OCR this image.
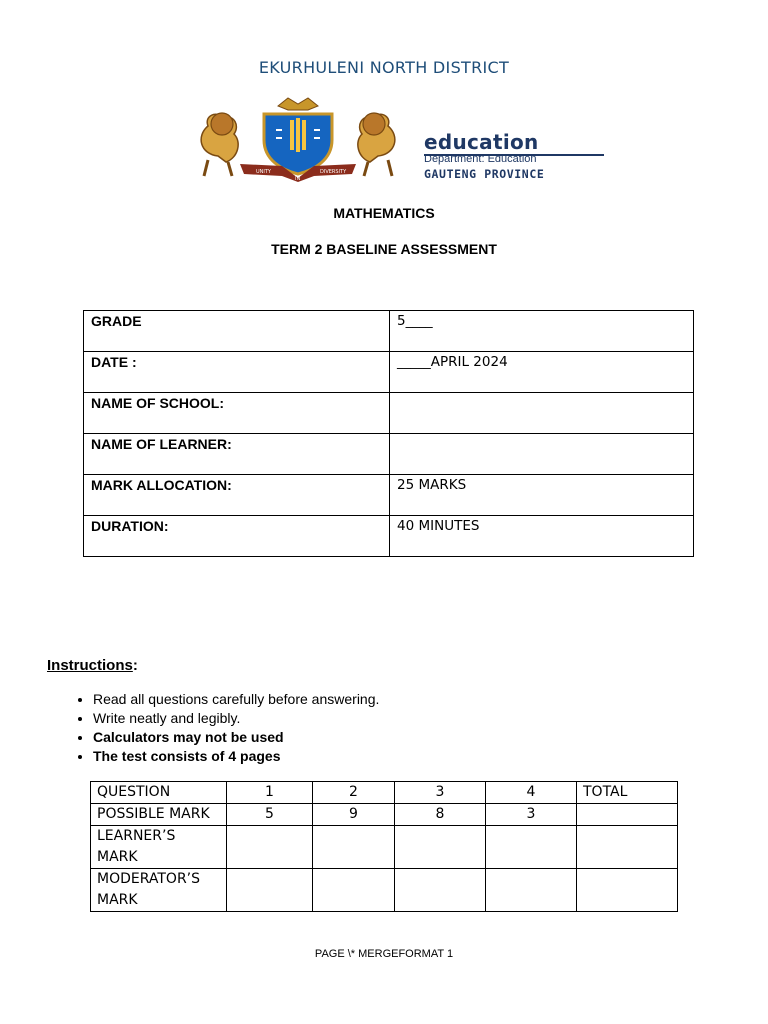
EKURHULENI NORTH DISTRICT
UNITY
IN
DIVERSITY
education
Department: Education
GAUTENG PROVINCE
MATHEMATICS
TERM 2 BASELINE ASSESSMENT
GRADE	5____
DATE :	_____APRIL 2024
NAME OF SCHOOL:	
NAME OF LEARNER:	
MARK ALLOCATION:	25 MARKS
DURATION:	40 MINUTES
Instructions:
• Read all questions carefully before answering.
• Write neatly and legibly.
• Calculators may not be used
• The test consists of 4 pages
QUESTION	1	2	3	4	TOTAL
POSSIBLE MARK	5	9	8	3	
LEARNER’S MARK					
MODERATOR’S MARK					
PAGE \* MERGEFORMAT 1
